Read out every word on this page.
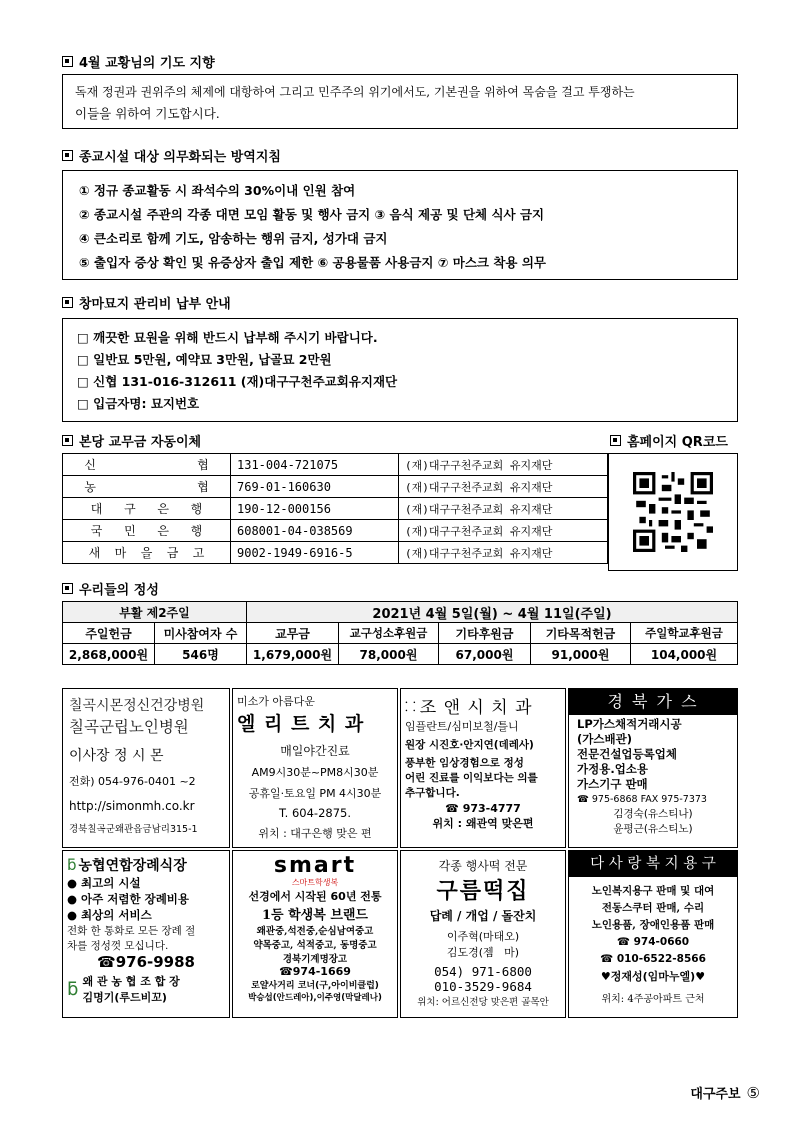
4월 교황님의 기도 지향
독재 정권과 권위주의 체제에 대항하여 그리고 민주주의 위기에서도, 기본권을 위하여 목숨을 걸고 투쟁하는
이들을 위하여 기도합시다.
종교시설 대상 의무화되는 방역지침
① 정규 종교활동 시 좌석수의 30%이내 인원 참여
② 종교시설 주관의 각종 대면 모임 활동 및 행사 금지 ③ 음식 제공 및 단체 식사 금지
④ 큰소리로 함께 기도, 암송하는 행위 금지, 성가대 금지
⑤ 출입자 증상 확인 및 유증상자 출입 제한 ⑥ 공용물품 사용금지 ⑦ 마스크 착용 의무
창마묘지 관리비 납부 안내
□ 깨끗한 묘원을 위해 반드시 납부해 주시기 바랍니다.
□ 일반묘 5만원, 예약묘 3만원, 납골묘 2만원
□ 신협 131-016-312611 (재)대구구천주교회유지재단
□ 입금자명: 묘지번호
본당 교무금 자동이체	홈페이지 QR코드
신              협	131-004-721075	(재)대구구천주교회 유지재단
농              협	769-01-160630	(재)대구구천주교회 유지재단
대   구   은   행	190-12-000156	(재)대구구천주교회 유지재단
국   민   은   행	608001-04-038569	(재)대구구천주교회 유지재단
새  마  을  금  고	9002-1949-6916-5	(재)대구구천주교회 유지재단
우리들의 정성
부활 제2주일		2021년 4월 5일(월) ~ 4월 11일(주일)				
주일헌금	미사참여자 수	교무금	교구성소후원금	기타후원금	기타목적헌금	주일학교후원금
2,868,000원	546명	1,679,000원	78,000원	67,000원	91,000원	104,000원
칠곡시몬정신건강병원
칠곡군립노인병원
이사장 정 시 몬
전화) 054-976-0401 ~2
http://simonmh.co.kr
경북칠곡군왜관읍금남리315-1
미소가 아름다운
엘 리 트 치 과
매일야간진료
AM9시30분~PM8시30분
공휴일·토요일 PM 4시30분
T. 604-2875.
위치 : 대구은행 맞은 편
⸬ 조 앤 시 치 과
임플란트/심미보철/틀니
원장 시진호·안지연(데레사)
풍부한 임상경험으로 정성
어린 진료를 이익보다는 의를
추구합니다.
☎ 973-4777
위치 : 왜관역 맞은편
경 북 가 스
LP가스채적거래시공
(가스배관)
전문건설업등록업체
가정용.업소용
가스기구 판매
☎ 975-6868 FAX 975-7373
김경숙(유스티나)
윤평근(유스티노)
ƃ 농협연합장례식장
● 최고의 시설
● 아주 저렴한 장례비용
● 최상의 서비스
전화 한 통화로 모든 장례 절
차를 정성껏 모십니다.
☎976-9988
ƃ 왜 관 농 협 조 합 장
김명기(루드비꼬)
smart
스마트학생복
선경에서 시작된 60년 전통
1등 학생복 브랜드
왜관중,석전중,순심남여중고
약목중고, 석적중고, 동명중고
경북기계명장고
☎974-1669
로얄사거리 코너(구,아이비클럽)
박승섭(안드레아),이주영(막달레나)
각종 행사떡 전문
구름떡집
답례 / 개업 / 돌잔치
이주혁(마태오)
김도경(젬   마)
054) 971-6800
010-3529-9684
위치: 어르신전당 맞은편 골목안
다 사 랑 복 지 용 구
노인복지용구 판매 및 대여
전동스쿠터 판매, 수리
노인용품, 장애인용품 판매
☎ 974-0660
☎ 010-6522-8566
♥정재성(임마누엘)♥
위치: 4주공아파트 근처
대구주보 ⑤
